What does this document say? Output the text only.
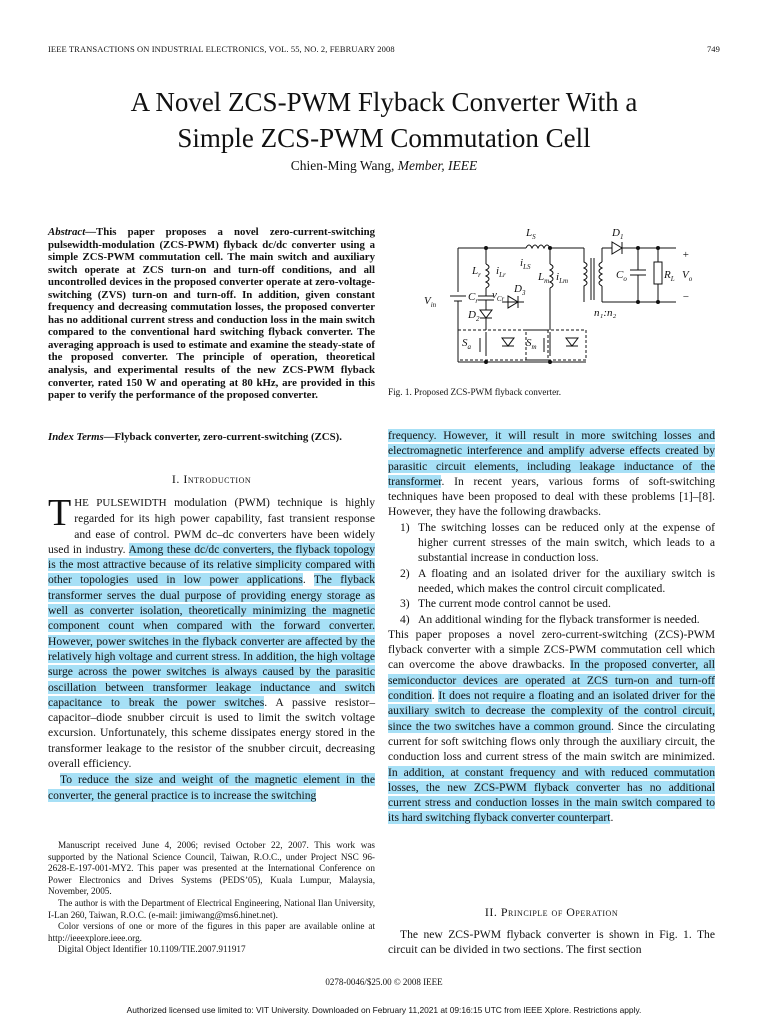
IEEE TRANSACTIONS ON INDUSTRIAL ELECTRONICS, VOL. 55, NO. 2, FEBRUARY 2008	749
A Novel ZCS-PWM Flyback Converter With a
Simple ZCS-PWM Commutation Cell
Chien-Ming Wang, Member, IEEE
Abstract—This paper proposes a novel zero-current-switching pulsewidth-modulation (ZCS-PWM) flyback dc/dc converter using a simple ZCS-PWM commutation cell. The main switch and auxiliary switch operate at ZCS turn-on and turn-off conditions, and all uncontrolled devices in the proposed converter operate at zero-voltage-switching (ZVS) turn-on and turn-off. In addition, given constant frequency and decreasing commutation losses, the proposed converter has no additional current stress and conduction loss in the main switch compared to the conventional hard switching flyback converter. The averaging approach is used to estimate and examine the steady-state of the proposed converter. The principle of operation, theoretical analysis, and experimental results of the new ZCS-PWM flyback converter, rated 150 W and operating at 80 kHz, are provided in this paper to verify the performance of the proposed converter.
Index Terms—Flyback converter, zero-current-switching (ZCS).
I. Introduction
THE PULSEWIDTH modulation (PWM) technique is highly regarded for its high power capability, fast transient response and ease of control. PWM dc–dc converters have been widely used in industry. Among these dc/dc converters, the flyback topology is the most attractive because of its relative simplicity compared with other topologies used in low power applications. The flyback transformer serves the dual purpose of providing energy storage as well as converter isolation, theoretically minimizing the magnetic component count when compared with the forward converter. However, power switches in the flyback converter are affected by the relatively high voltage and current stress. In addition, the high voltage surge across the power switches is always caused by the parasitic oscillation between transformer leakage inductance and switch capacitance to break the power switches. A passive resistor–capacitor–diode snubber circuit is used to limit the switch voltage excursion. Unfortunately, this scheme dissipates energy stored in the transformer leakage to the resistor of the snubber circuit, decreasing overall efficiency.

To reduce the size and weight of the magnetic element in the converter, the general practice is to increase the switching

Manuscript received June 4, 2006; revised October 22, 2007. This work was supported by the National Science Council, Taiwan, R.O.C., under Project NSC 96-2628-E-197-001-MY2. This paper was presented at the International Conference on Power Electronics and Drives Systems (PEDS’05), Kuala Lumpur, Malaysia, November, 2005.

The author is with the Department of Electrical Engineering, National Ilan University, I-Lan 260, Taiwan, R.O.C. (e-mail: jimiwang@ms6.hinet.net).

Color versions of one or more of the figures in this paper are available online at http://ieeexplore.ieee.org.

Digital Object Identifier 10.1109/TIE.2007.911917

$L_S$	$D_1$
$i_{LS}$
$L_r$ $i_{Lr}$	$L_m$ $i_{Lm}$
$C_r$ $v_{Cr}$
$D_3$
$D_2$
$V_{in}$
$C_o$	$R_L$ $V_o$
+
−
n₁:n₂
$S_a$	$S_m$
Fig. 1. Proposed ZCS-PWM flyback converter.
frequency. However, it will result in more switching losses and electromagnetic interference and amplify adverse effects created by parasitic circuit elements, including leakage inductance of the transformer. In recent years, various forms of soft-switching techniques have been proposed to deal with these problems [1]–[8]. However, they have the following drawbacks.
1) The switching losses can be reduced only at the expense of higher current stresses of the main switch, which leads to a substantial increase in conduction loss.
2) A floating and an isolated driver for the auxiliary switch is needed, which makes the control circuit complicated.
3) The current mode control cannot be used.
4) An additional winding for the flyback transformer is needed.
This paper proposes a novel zero-current-switching (ZCS)-PWM flyback converter with a simple ZCS-PWM commutation cell which can overcome the above drawbacks. In the proposed converter, all semiconductor devices are operated at ZCS turn-on and turn-off condition. It does not require a floating and an isolated driver for the auxiliary switch to decrease the complexity of the control circuit, since the two switches have a common ground. Since the circulating current for soft switching flows only through the auxiliary circuit, the conduction loss and current stress of the main switch are minimized. In addition, at constant frequency and with reduced commutation losses, the new ZCS-PWM flyback converter has no additional current stress and conduction losses in the main switch compared to its hard switching flyback converter counterpart.
II. Principle of Operation

The new ZCS-PWM flyback converter is shown in Fig. 1. The circuit can be divided in two sections. The first section

0278-0046/$25.00 © 2008 IEEE
Authorized licensed use limited to: VIT University. Downloaded on February 11,2021 at 09:16:15 UTC from IEEE Xplore. Restrictions apply.
